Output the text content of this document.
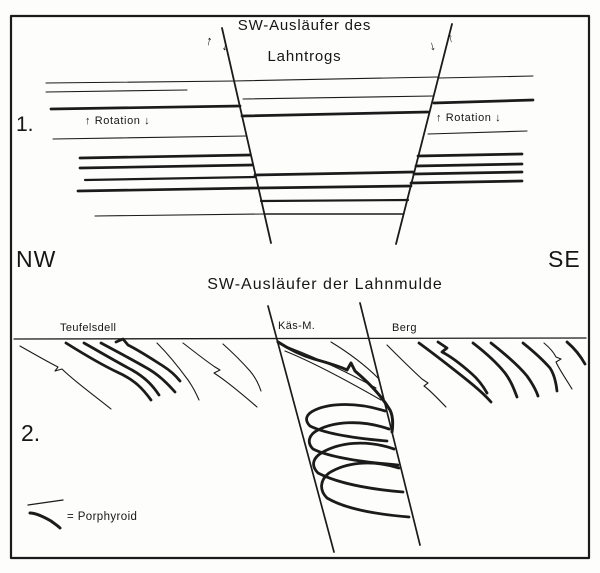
1.
SW-Ausläufer des
Lahntrogs
↑ Rotation ↓	↑ Rotation ↓
↑ ↓	↓ ↑
NW	SE
SW-Ausläufer der Lahnmulde
Teufelsdell	Käs-M.	Berg
2.
= Porphyroid
